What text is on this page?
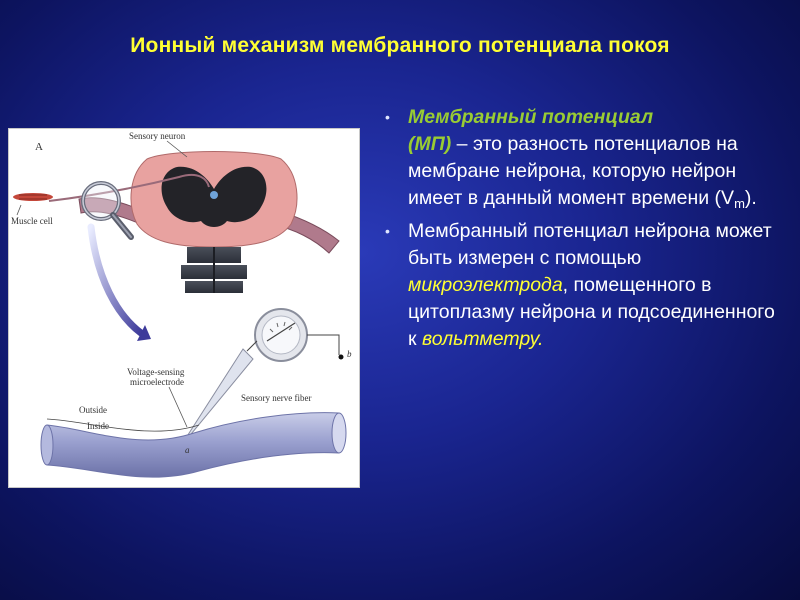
Ионный механизм мембранного потенциала покоя
A
Sensory neuron
Muscle cell
Voltage-sensing
microelectrode
Sensory nerve fiber
Outside
Inside
a
b
• Мембранный потенциал
(МП) – это разность потенциалов на мембране нейрона, которую нейрон имеет в данный момент времени $(V_m)$.
• Мембранный потенциал нейрона может быть измерен с помощью микроэлектрода, помещенного в цитоплазму нейрона и подсоединенного к вольтметру.
